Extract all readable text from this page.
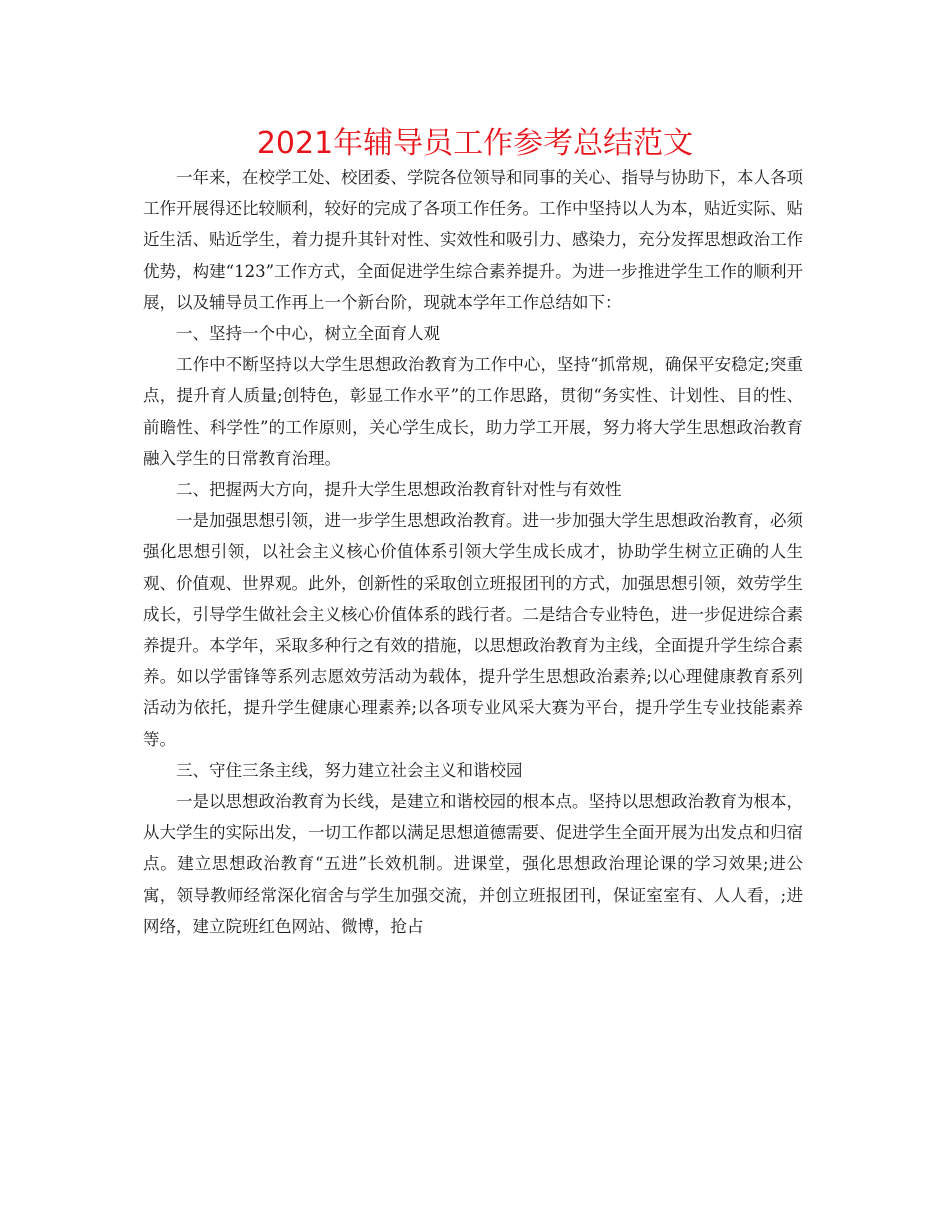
2021年辅导员工作参考总结范文

一年来，在校学工处、校团委、学院各位领导和同事的关心、指导与协助下，本人各项工作开展得还比较顺利，较好的完成了各项工作任务。工作中坚持以人为本，贴近实际、贴近生活、贴近学生，着力提升其针对性、实效性和吸引力、感染力，充分发挥思想政治工作优势，构建“123”工作方式，全面促进学生综合素养提升。为进一步推进学生工作的顺利开展，以及辅导员工作再上一个新台阶，现就本学年工作总结如下：

一、坚持一个中心，树立全面育人观

工作中不断坚持以大学生思想政治教育为工作中心，坚持“抓常规，确保平安稳定;突重点，提升育人质量;创特色，彰显工作水平”的工作思路，贯彻“务实性、计划性、目的性、前瞻性、科学性”的工作原则，关心学生成长，助力学工开展，努力将大学生思想政治教育融入学生的日常教育治理。

二、把握两大方向，提升大学生思想政治教育针对性与有效性

一是加强思想引领，进一步学生思想政治教育。进一步加强大学生思想政治教育，必须强化思想引领，以社会主义核心价值体系引领大学生成长成才，协助学生树立正确的人生观、价值观、世界观。此外，创新性的采取创立班报团刊的方式，加强思想引领，效劳学生成长，引导学生做社会主义核心价值体系的践行者。二是结合专业特色，进一步促进综合素养提升。本学年，采取多种行之有效的措施，以思想政治教育为主线，全面提升学生综合素养。如以学雷锋等系列志愿效劳活动为载体，提升学生思想政治素养;以心理健康教育系列活动为依托，提升学生健康心理素养;以各项专业风采大赛为平台，提升学生专业技能素养等。

三、守住三条主线，努力建立社会主义和谐校园

一是以思想政治教育为长线，是建立和谐校园的根本点。坚持以思想政治教育为根本，从大学生的实际出发，一切工作都以满足思想道德需要、促进学生全面开展为出发点和归宿点。建立思想政治教育“五进”长效机制。进课堂，强化思想政治理论课的学习效果;进公寓，领导教师经常深化宿舍与学生加强交流，并创立班报团刊，保证室室有、人人看，;进网络，建立院班红色网站、微博，抢占
